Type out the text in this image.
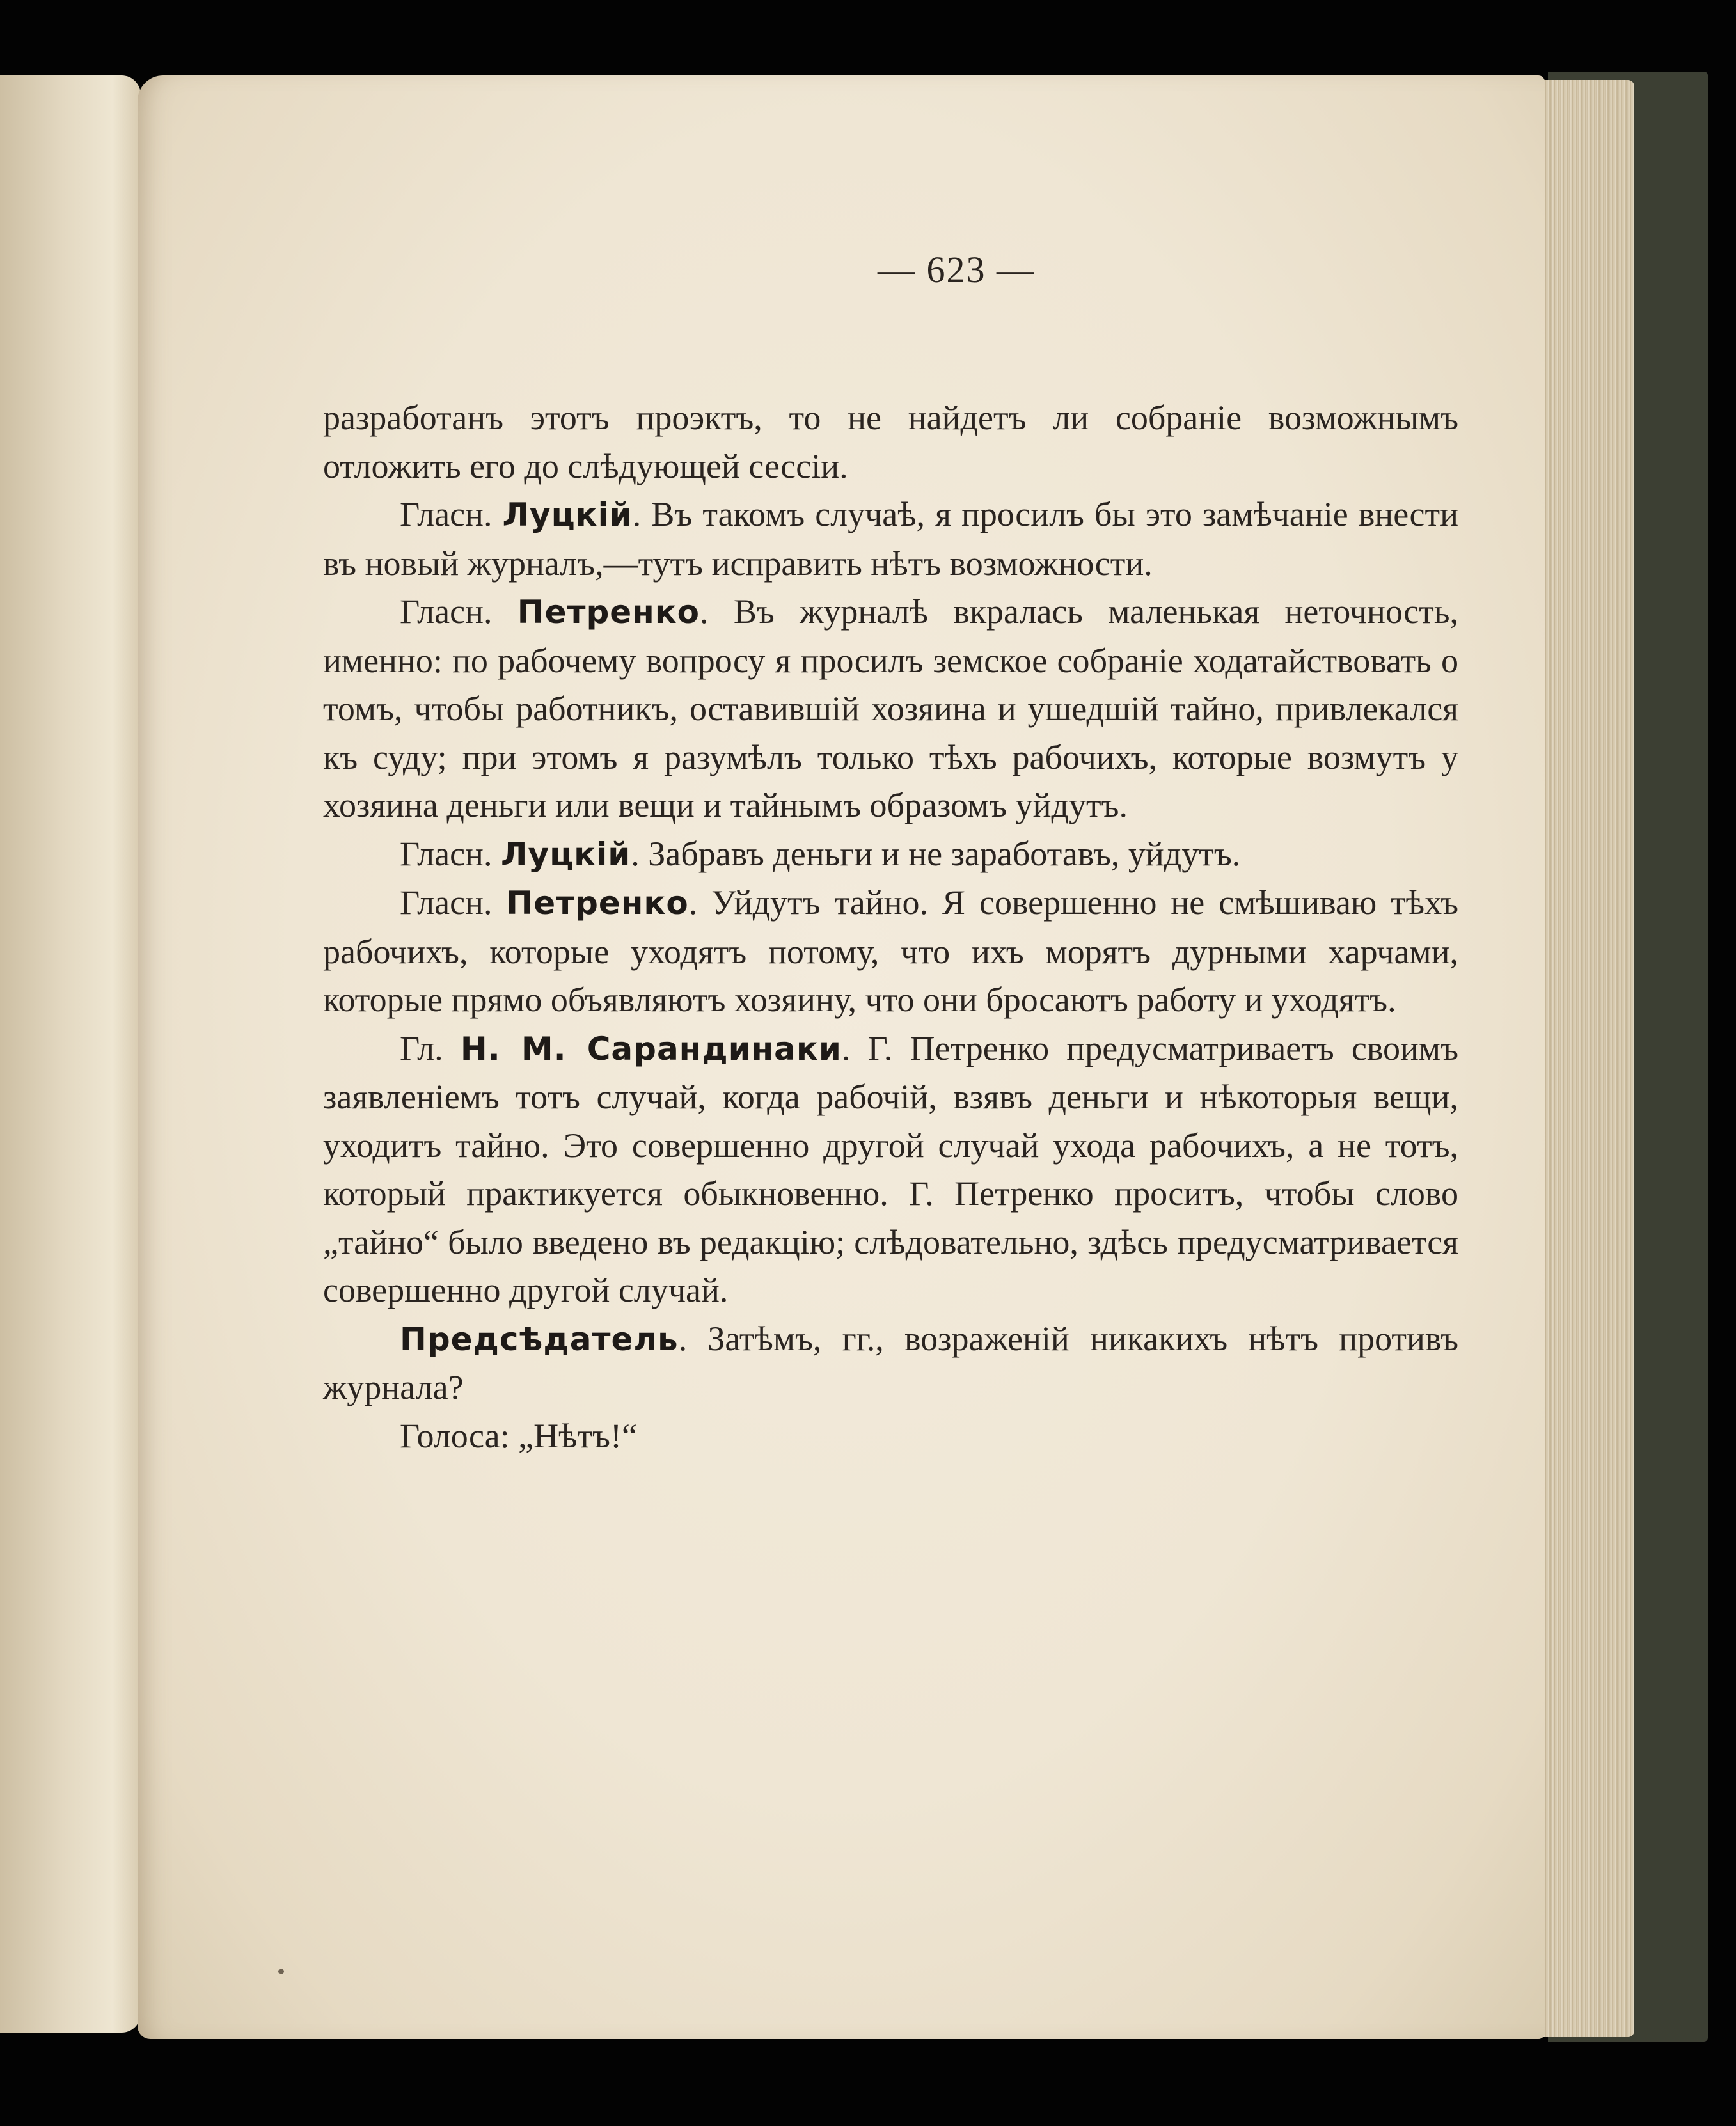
— 623 —

разработанъ этотъ проэктъ, то не найдетъ ли собраніе возможнымъ отложить его до слѣдующей сессіи.

Гласн. Луцкій. Въ такомъ случаѣ, я просилъ бы это замѣчаніе внести въ новый журналъ,—тутъ исправить нѣтъ возможности.

Гласн. Петренко. Въ журналѣ вкралась маленькая неточность, именно: по рабочему вопросу я просилъ земское собраніе ходатайствовать о томъ, чтобы работникъ, оставившій хозяина и ушедшій тайно, привлекался къ суду; при этомъ я разумѣлъ только тѣхъ рабочихъ, которые возмутъ у хозяина деньги или вещи и тайнымъ образомъ уйдутъ.

Гласн. Луцкій. Забравъ деньги и не заработавъ, уйдутъ.

Гласн. Петренко. Уйдутъ тайно. Я совершенно не смѣшиваю тѣхъ рабочихъ, которые уходятъ потому, что ихъ морятъ дурными харчами, которые прямо объявляютъ хозяину, что они бросаютъ работу и уходятъ.

Гл. Н. М. Сарандинаки. Г. Петренко предусматриваетъ своимъ заявленіемъ тотъ случай, когда рабочій, взявъ деньги и нѣкоторыя вещи, уходитъ тайно. Это совершенно другой случай ухода рабочихъ, а не тотъ, который практикуется обыкновенно. Г. Петренко проситъ, чтобы слово „тайно“ было введено въ редакцію; слѣдовательно, здѣсь предусматривается совершенно другой случай.

Предсѣдатель. Затѣмъ, гг., возраженій никакихъ нѣтъ противъ журнала?

Голоса: „Нѣтъ!“
